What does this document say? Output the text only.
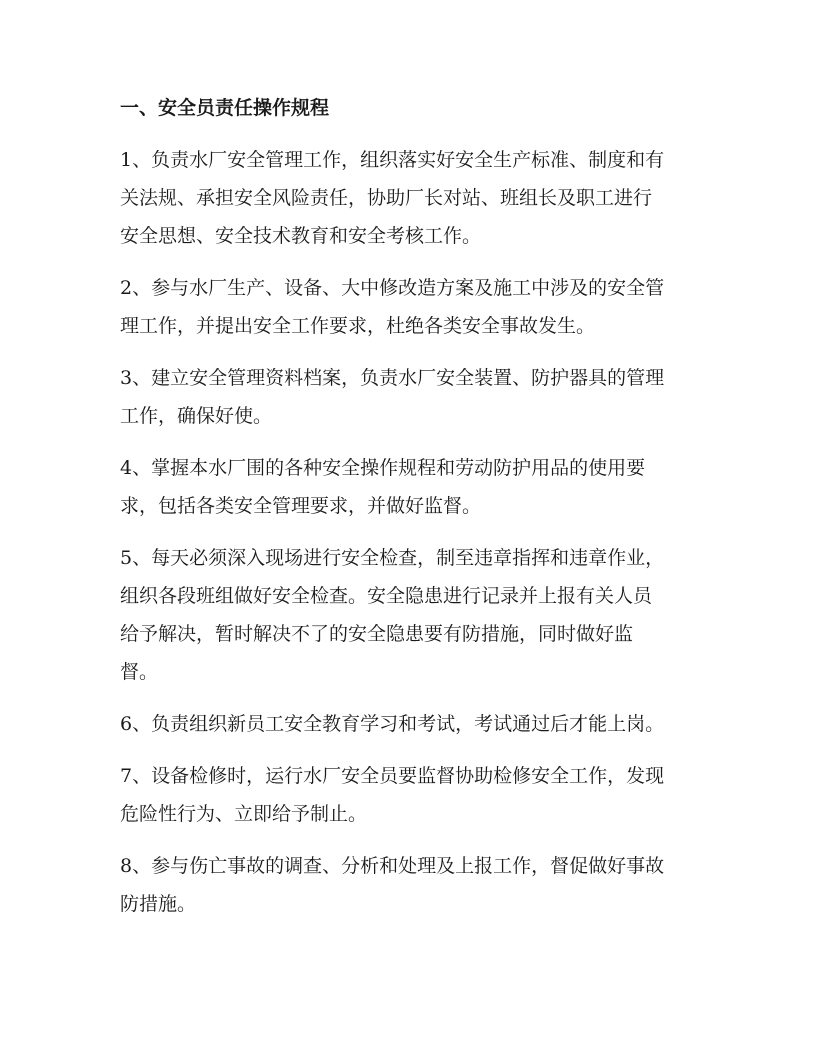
一、安全员责任操作规程
1、负责水厂安全管理工作，组织落实好安全生产标准、制度和有
关法规、承担安全风险责任，协助厂长对站、班组长及职工进行
安全思想、安全技术教育和安全考核工作。
2、参与水厂生产、设备、大中修改造方案及施工中涉及的安全管
理工作，并提出安全工作要求，杜绝各类安全事故发生。
3、建立安全管理资料档案，负责水厂安全装置、防护器具的管理
工作，确保好使。
4、掌握本水厂围的各种安全操作规程和劳动防护用品的使用要
求，包括各类安全管理要求，并做好监督。
5、每天必须深入现场进行安全检查，制至违章指挥和违章作业，
组织各段班组做好安全检查。安全隐患进行记录并上报有关人员
给予解决，暂时解决不了的安全隐患要有防措施，同时做好监
督。
6、负责组织新员工安全教育学习和考试，考试通过后才能上岗。
7、设备检修时，运行水厂安全员要监督协助检修安全工作，发现
危险性行为、立即给予制止。
8、参与伤亡事故的调查、分析和处理及上报工作，督促做好事故
防措施。
